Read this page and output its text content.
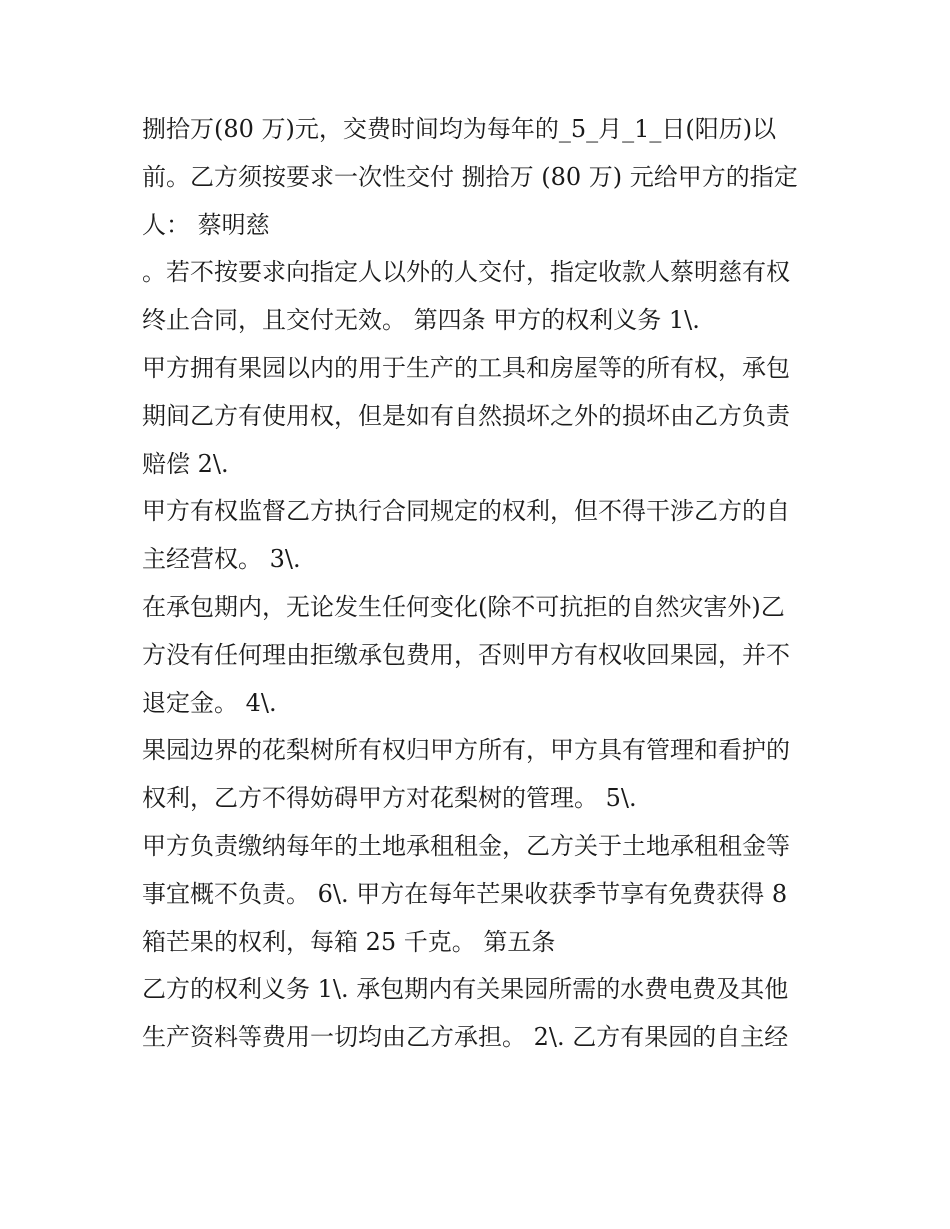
捌拾万(80 万)元，交费时间均为每年的_5_月_1_日(阳历)以
前。乙方须按要求一次性交付 捌拾万 (80 万) 元给甲方的指定
人： 蔡明慈
。若不按要求向指定人以外的人交付，指定收款人蔡明慈有权
终止合同，且交付无效。 第四条 甲方的权利义务 1\.
甲方拥有果园以内的用于生产的工具和房屋等的所有权，承包
期间乙方有使用权，但是如有自然损坏之外的损坏由乙方负责
赔偿 2\.
甲方有权监督乙方执行合同规定的权利，但不得干涉乙方的自
主经营权。 3\.
在承包期内，无论发生任何变化(除不可抗拒的自然灾害外)乙
方没有任何理由拒缴承包费用，否则甲方有权收回果园，并不
退定金。 4\.
果园边界的花梨树所有权归甲方所有，甲方具有管理和看护的
权利，乙方不得妨碍甲方对花梨树的管理。 5\.
甲方负责缴纳每年的土地承租租金，乙方关于土地承租租金等
事宜概不负责。 6\. 甲方在每年芒果收获季节享有免费获得 8
箱芒果的权利，每箱 25 千克。 第五条
乙方的权利义务 1\. 承包期内有关果园所需的水费电费及其他
生产资料等费用一切均由乙方承担。 2\. 乙方有果园的自主经
